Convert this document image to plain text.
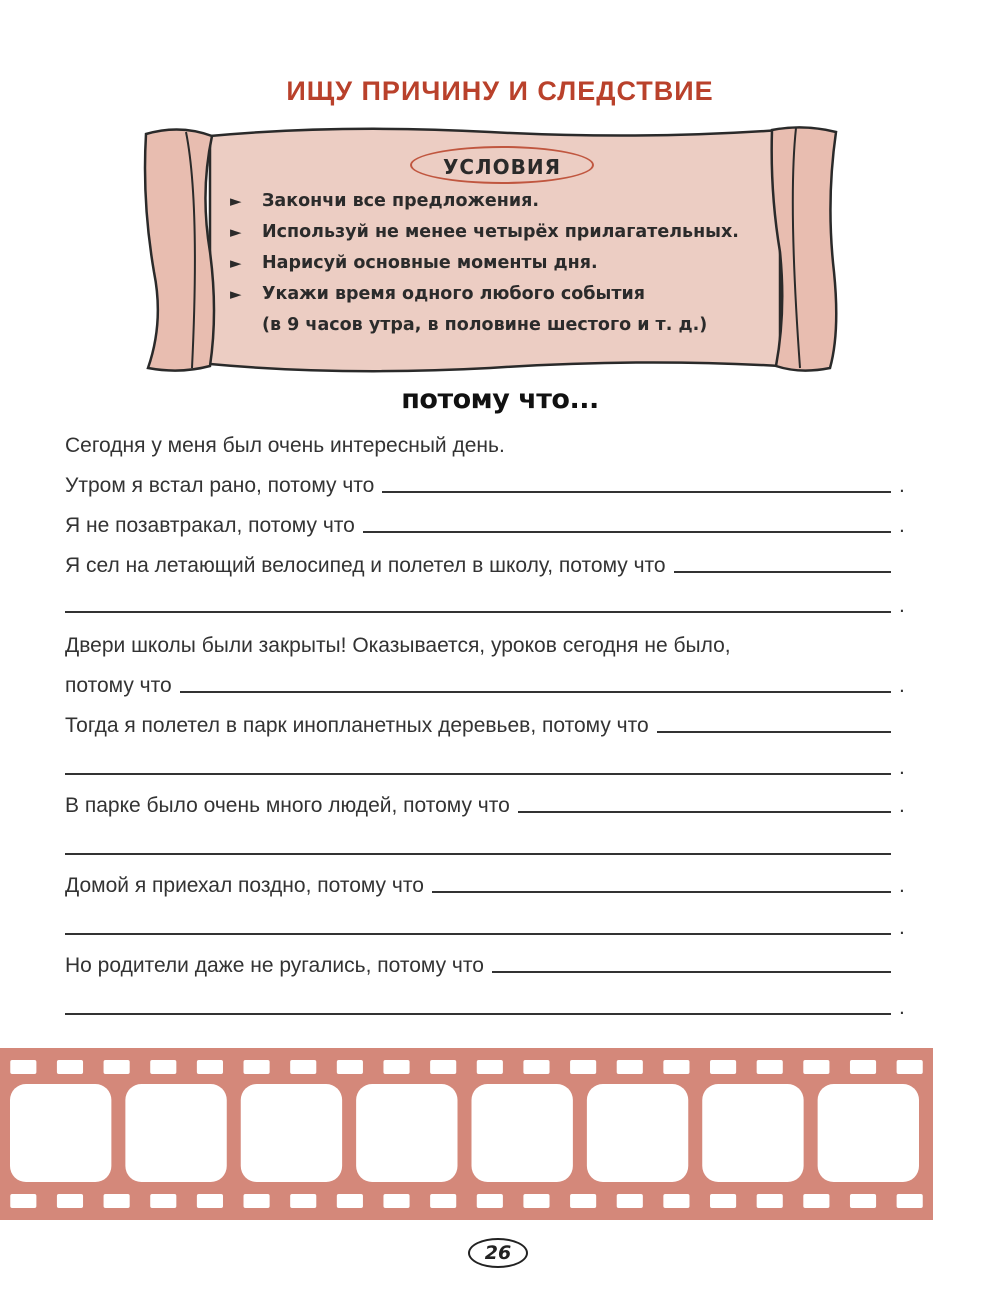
ИЩУ ПРИЧИНУ И СЛЕДСТВИЕ
УСЛОВИЯ
► Закончи все предложения.
► Используй не менее четырёх прилагательных.
► Нарисуй основные моменты дня.
► Укажи время одного любого события
(в 9 часов утра, в половине шестого и т. д.)
потому что...
Сегодня у меня был очень интересный день.
Утром я встал рано, потому что	.
Я не позавтракал, потому что	.
Я сел на летающий велосипед и полетел в школу, потому что
.
Двери школы были закрыты! Оказывается, уроков сегодня не было,
потому что	.
Тогда я полетел в парк инопланетных деревьев, потому что
.
В парке было очень много людей, потому что	.
Домой я приехал поздно, потому что	.
.
Но родители даже не ругались, потому что
.
26
